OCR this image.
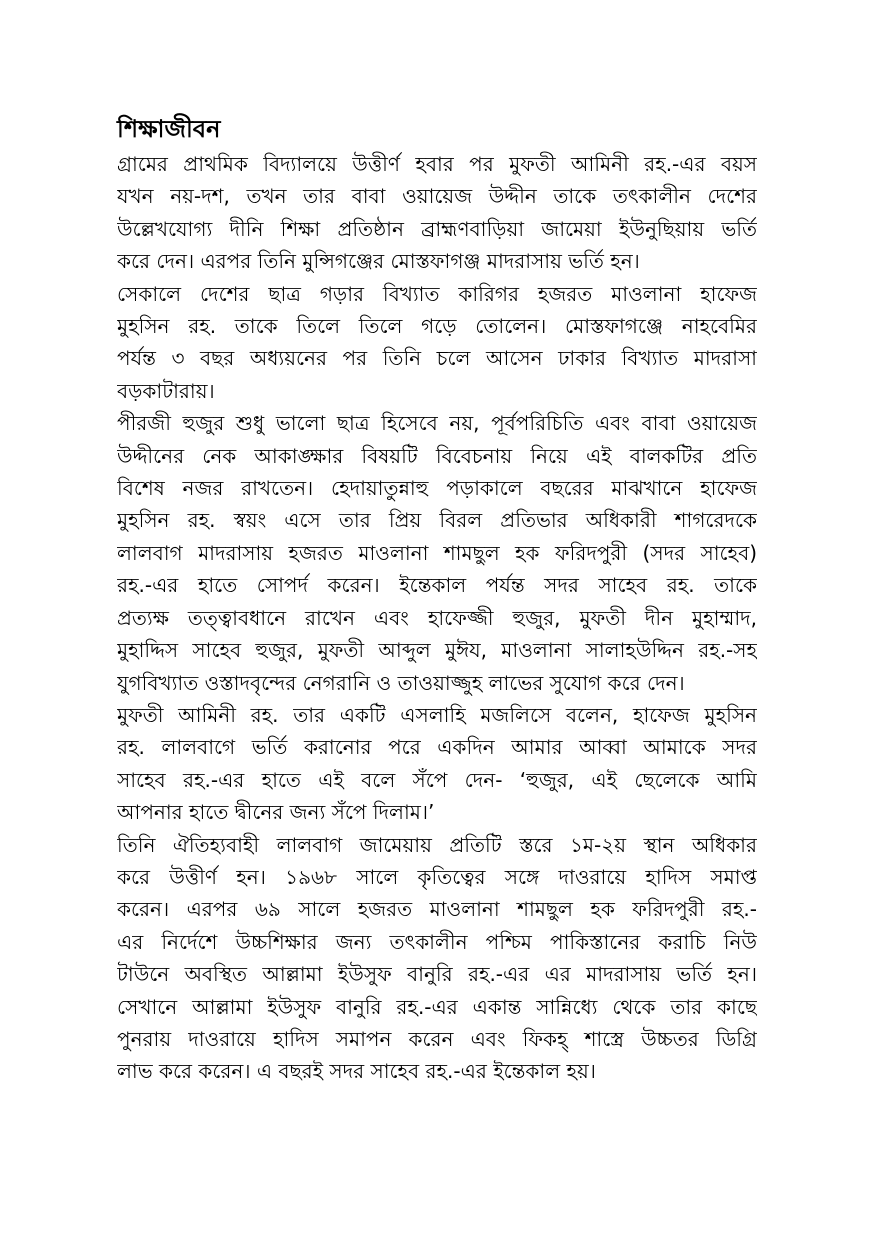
শিক্ষাজীবন
গ্রামের প্রাথমিক বিদ্যালয়ে উত্তীর্ণ হবার পর মুফতী আমিনী রহ.-এর বয়স
যখন নয়-দশ, তখন তার বাবা ওয়ায়েজ উদ্দীন তাকে তৎকালীন দেশের
উল্লেখযোগ্য দীনি শিক্ষা প্রতিষ্ঠান ব্রাহ্মণবাড়িয়া জামেয়া ইউনুছিয়ায় ভর্তি
করে দেন। এরপর তিনি মুন্সিগঞ্জের মোস্তফাগঞ্জ মাদরাসায় ভর্তি হন।
সেকালে দেশের ছাত্র গড়ার বিখ্যাত কারিগর হজরত মাওলানা হাফেজ
মুহসিন রহ. তাকে তিলে তিলে গড়ে তোলেন। মোস্তফাগঞ্জে নাহবেমির
পর্যন্ত ৩ বছর অধ্যয়নের পর তিনি চলে আসেন ঢাকার বিখ্যাত মাদরাসা
বড়কাটারায়।
পীরজী হুজুর শুধু ভালো ছাত্র হিসেবে নয়, পূর্বপরিচিতি এবং বাবা ওয়ায়েজ
উদ্দীনের নেক আকাঙ্ক্ষার বিষয়টি বিবেচনায় নিয়ে এই বালকটির প্রতি
বিশেষ নজর রাখতেন। হেদায়াতুন্নাহু পড়াকালে বছরের মাঝখানে হাফেজ
মুহসিন রহ. স্বয়ং এসে তার প্রিয় বিরল প্রতিভার অধিকারী শাগরেদকে
লালবাগ মাদরাসায় হজরত মাওলানা শামছুল হক ফরিদপুরী (সদর সাহেব)
রহ.-এর হাতে সোপর্দ করেন। ইন্তেকাল পর্যন্ত সদর সাহেব রহ. তাকে
প্রত্যক্ষ তত্ত্বাবধানে রাখেন এবং হাফেজ্জী হুজুর, মুফতী দীন মুহাম্মাদ,
মুহাদ্দিস সাহেব হুজুর, মুফতী আব্দুল মুঈয, মাওলানা সালাহউদ্দিন রহ.-সহ
যুগবিখ্যাত ওস্তাদবৃন্দের নেগরানি ও তাওয়াজ্জুহ লাভের সুযোগ করে দেন।
মুফতী আমিনী রহ. তার একটি এসলাহি মজলিসে বলেন, হাফেজ মুহসিন
রহ. লালবাগে ভর্তি করানোর পরে একদিন আমার আব্বা আমাকে সদর
সাহেব রহ.-এর হাতে এই বলে সঁপে দেন- ‘হুজুর, এই ছেলেকে আমি
আপনার হাতে দ্বীনের জন্য সঁপে দিলাম।’
তিনি ঐতিহ্যবাহী লালবাগ জামেয়ায় প্রতিটি স্তরে ১ম-২য় স্থান অধিকার
করে উত্তীর্ণ হন। ১৯৬৮ সালে কৃতিত্বের সঙ্গে দাওরায়ে হাদিস সমাপ্ত
করেন। এরপর ৬৯ সালে হজরত মাওলানা শামছুল হক ফরিদপুরী রহ.-
এর নির্দেশে উচ্চশিক্ষার জন্য তৎকালীন পশ্চিম পাকিস্তানের করাচি নিউ
টাউনে অবস্থিত আল্লামা ইউসুফ বানুরি রহ.-এর এর মাদরাসায় ভর্তি হন।
সেখানে আল্লামা ইউসুফ বানুরি রহ.-এর একান্ত সান্নিধ্যে থেকে তার কাছে
পুনরায় দাওরায়ে হাদিস সমাপন করেন এবং ফিকহ্ শাস্ত্রে উচ্চতর ডিগ্রি
লাভ করে করেন। এ বছরই সদর সাহেব রহ.-এর ইন্তেকাল হয়।
